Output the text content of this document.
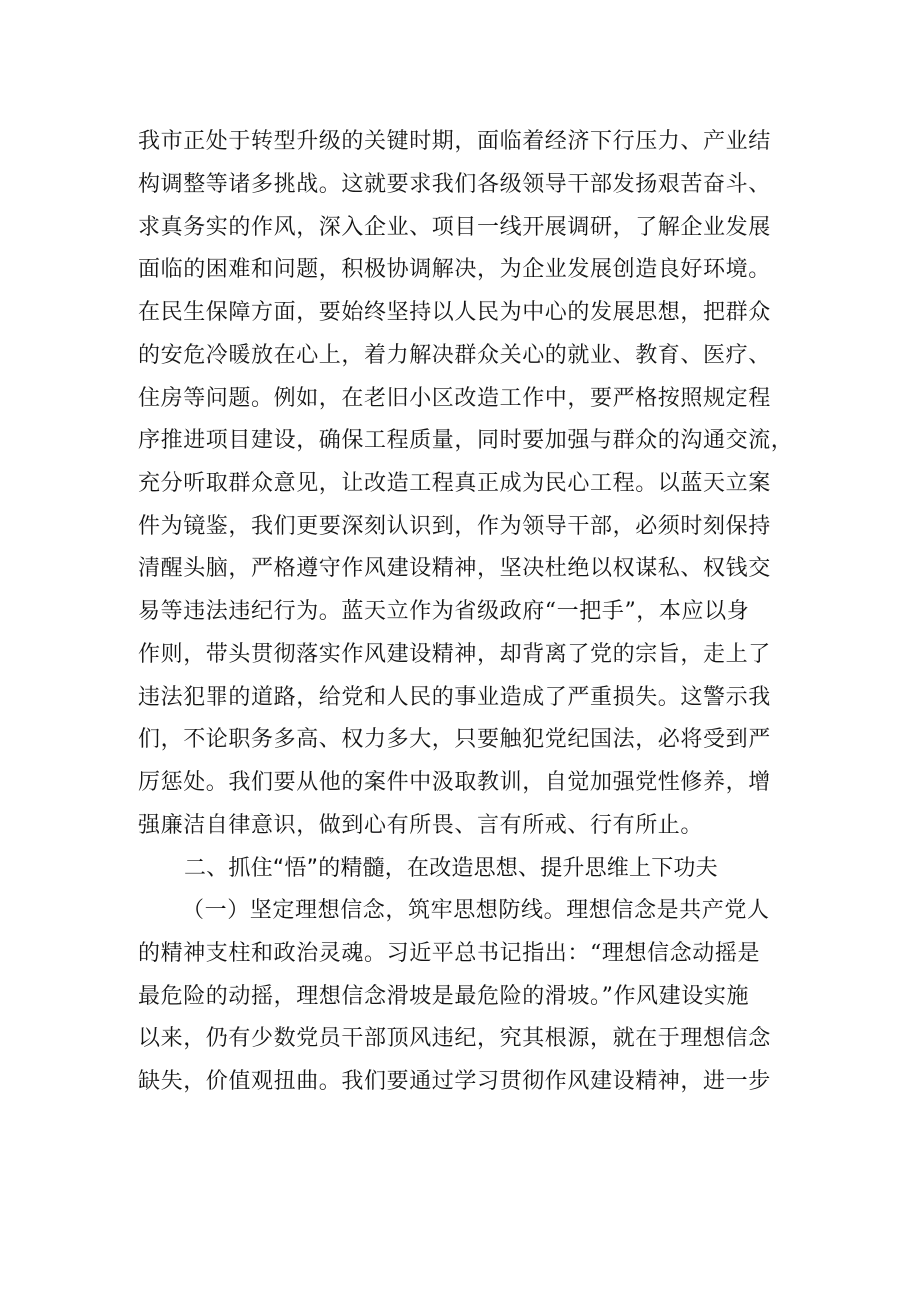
我市正处于转型升级的关键时期，面临着经济下行压力、产业结
构调整等诸多挑战。这就要求我们各级领导干部发扬艰苦奋斗、
求真务实的作风，深入企业、项目一线开展调研，了解企业发展
面临的困难和问题，积极协调解决，为企业发展创造良好环境。
在民生保障方面，要始终坚持以人民为中心的发展思想，把群众
的安危冷暖放在心上，着力解决群众关心的就业、教育、医疗、
住房等问题。例如，在老旧小区改造工作中，要严格按照规定程
序推进项目建设，确保工程质量，同时要加强与群众的沟通交流，
充分听取群众意见，让改造工程真正成为民心工程。以蓝天立案
件为镜鉴，我们更要深刻认识到，作为领导干部，必须时刻保持
清醒头脑，严格遵守作风建设精神，坚决杜绝以权谋私、权钱交
易等违法违纪行为。蓝天立作为省级政府“一把手”，本应以身
作则，带头贯彻落实作风建设精神，却背离了党的宗旨，走上了
违法犯罪的道路，给党和人民的事业造成了严重损失。这警示我
们，不论职务多高、权力多大，只要触犯党纪国法，必将受到严
厉惩处。我们要从他的案件中汲取教训，自觉加强党性修养，增
强廉洁自律意识，做到心有所畏、言有所戒、行有所止。
二、抓住“悟”的精髓，在改造思想、提升思维上下功夫
（一）坚定理想信念，筑牢思想防线。理想信念是共产党人
的精神支柱和政治灵魂。习近平总书记指出：“理想信念动摇是
最危险的动摇，理想信念滑坡是最危险的滑坡。”作风建设实施
以来，仍有少数党员干部顶风违纪，究其根源，就在于理想信念
缺失，价值观扭曲。我们要通过学习贯彻作风建设精神，进一步
